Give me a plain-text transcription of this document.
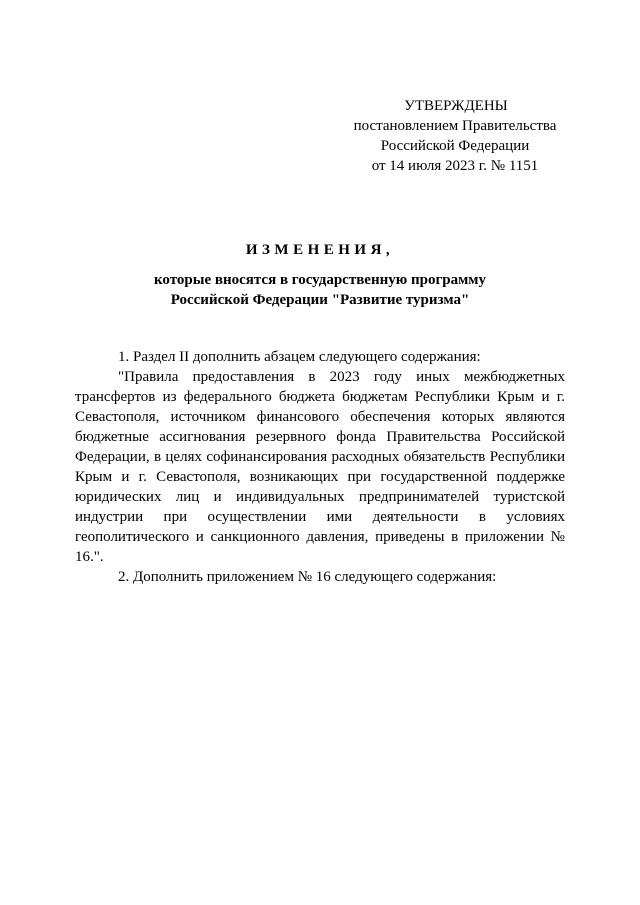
УТВЕРЖДЕНЫ
постановлением Правительства
Российской Федерации
от 14 июля 2023 г. № 1151
ИЗМЕНЕНИЯ,
которые вносятся в государственную программу
Российской Федерации "Развитие туризма"

1. Раздел II дополнить абзацем следующего содержания:

"Правила предоставления в 2023 году иных межбюджетных трансфертов из федерального бюджета бюджетам Республики Крым и г. Севастополя, источником финансового обеспечения которых являются бюджетные ассигнования резервного фонда Правительства Российской Федерации, в целях софинансирования расходных обязательств Республики Крым и г. Севастополя, возникающих при государственной поддержке юридических лиц и индивидуальных предпринимателей туристской индустрии при осуществлении ими деятельности в условиях геополитического и санкционного давления, приведены в приложении № 16.".

2. Дополнить приложением № 16 следующего содержания:
